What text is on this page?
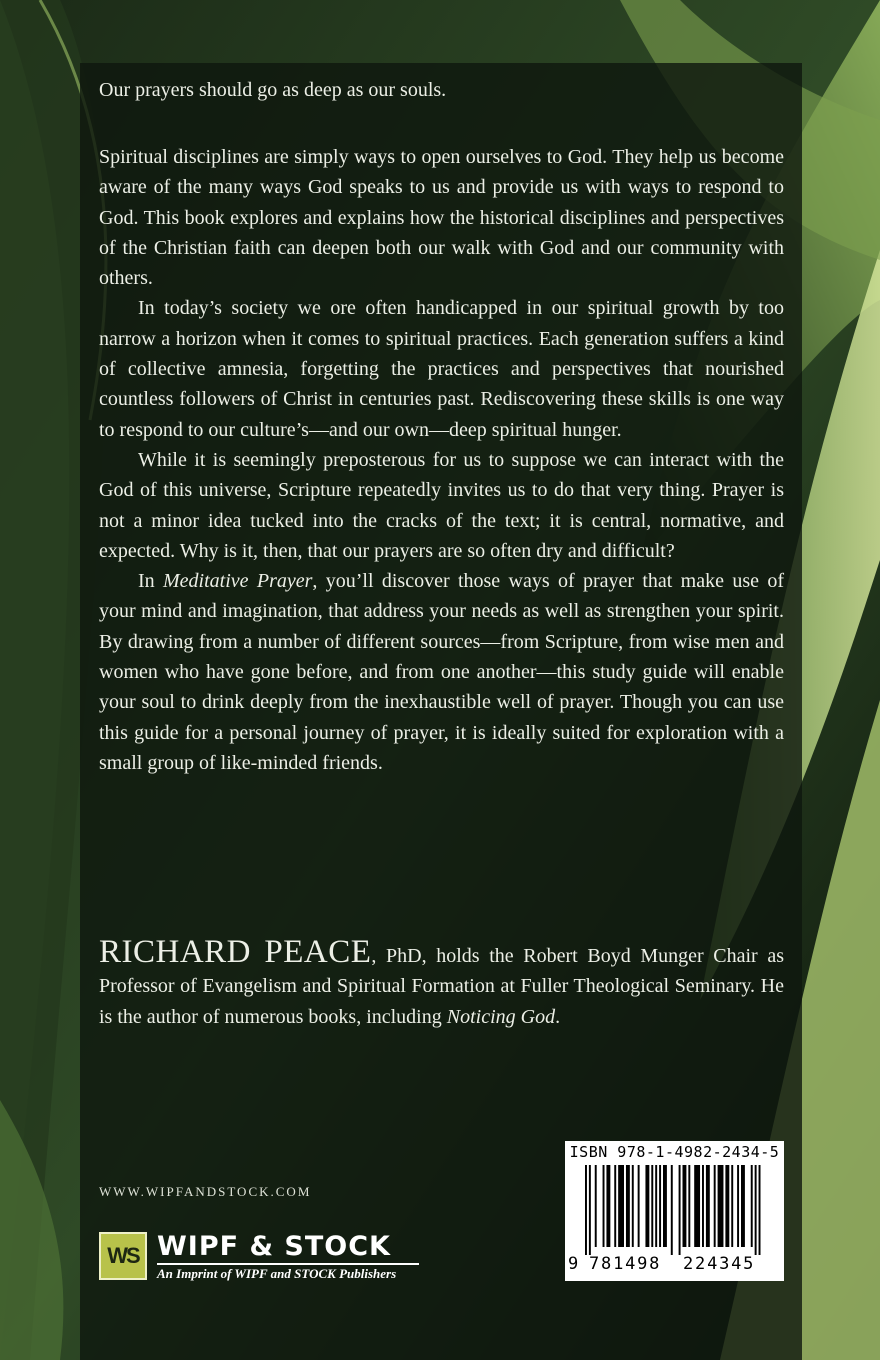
Our prayers should go as deep as our souls.

Spiritual disciplines are simply ways to open ourselves to God. They help us become aware of the many ways God speaks to us and provide us with ways to respond to God. This book explores and explains how the historical disciplines and perspectives of the Christian faith can deepen both our walk with God and our community with others.

In today’s society we ore often handicapped in our spiritual growth by too narrow a horizon when it comes to spiritual practices. Each generation suffers a kind of collective amnesia, forgetting the practices and perspectives that nourished countless followers of Christ in centuries past. Rediscovering these skills is one way to respond to our culture’s—and our own—deep spiritual hunger.

While it is seemingly preposterous for us to suppose we can interact with the God of this universe, Scripture repeatedly invites us to do that very thing. Prayer is not a minor idea tucked into the cracks of the text; it is central, normative, and expected. Why is it, then, that our prayers are so often dry and difficult?

In Meditative Prayer, you’ll discover those ways of prayer that make use of your mind and imagination, that address your needs as well as strengthen your spirit. By drawing from a number of different sources—from Scripture, from wise men and women who have gone before, and from one another—this study guide will enable your soul to drink deeply from the inexhaustible well of prayer. Though you can use this guide for a personal journey of prayer, it is ideally suited for exploration with a small group of like-minded friends.

RICHARD PEACE, PhD, holds the Robert Boyd Munger Chair as Professor of Evangelism and Spiritual Formation at Fuller Theological Seminary. He is the author of numerous books, including Noticing God.

WWW.WIPFANDSTOCK.COM
WS WIPF & STOCK
An Imprint of WIPF and STOCK Publishers
ISBN 978-1-4982-2434-5
9 781498 224345
